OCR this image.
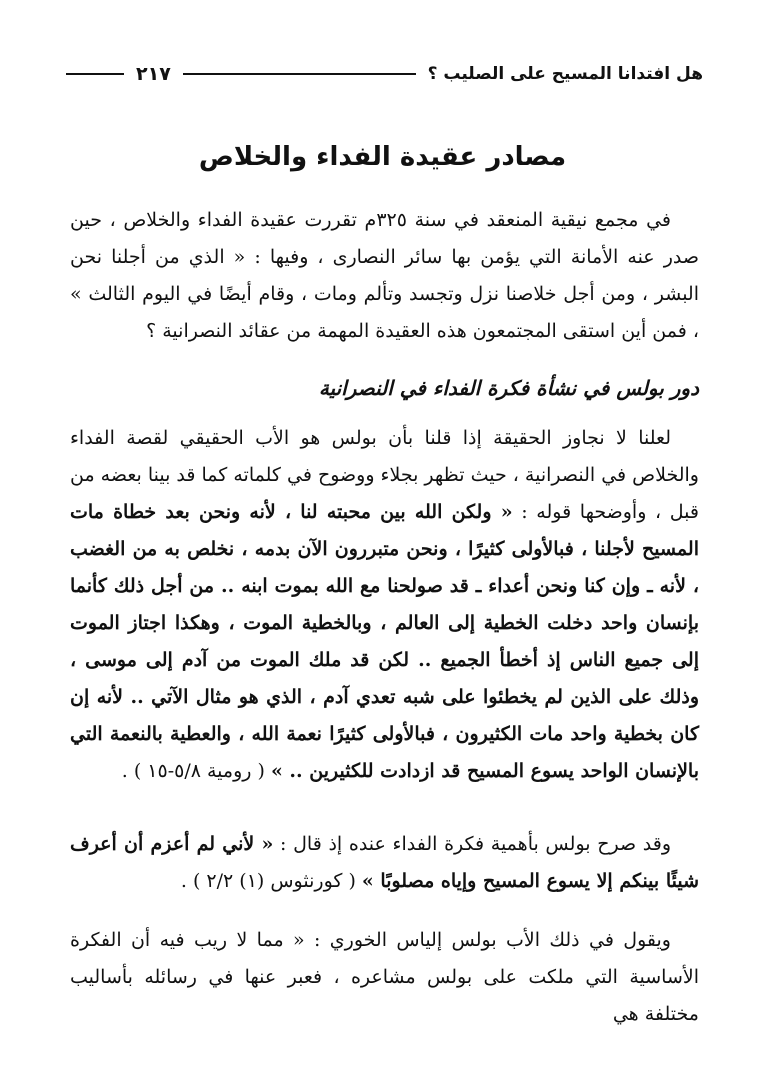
هل افتدانا المسيح على الصليب ؟
٢١٧
مصادر عقيدة الفداء والخلاص

في مجمع نيقية المنعقد في سنة ٣٢٥م تقررت عقيدة الفداء والخلاص ، حين صدر عنه الأمانة التي يؤمن بها سائر النصارى ، وفيها : « الذي من أجلنا نحن البشر ، ومن أجل خلاصنا نزل وتجسد وتألم ومات ، وقام أيضًا في اليوم الثالث » ، فمن أين استقى المجتمعون هذه العقيدة المهمة من عقائد النصرانية ؟

دور بولس في نشأة فكرة الفداء في النصرانية

لعلنا لا نجاوز الحقيقة إذا قلنا بأن بولس هو الأب الحقيقي لقصة الفداء والخلاص في النصرانية ، حيث تظهر بجلاء ووضوح في كلماته كما قد بينا بعضه من قبل ، وأوضحها قوله : « ولكن الله بين محبته لنا ، لأنه ونحن بعد خطاة مات المسيح لأجلنا ، فبالأولى كثيرًا ، ونحن متبررون الآن بدمه ، نخلص به من الغضب ، لأنه ـ وإن كنا ونحن أعداء ـ قد صولحنا مع الله بموت ابنه .. من أجل ذلك كأنما بإنسان واحد دخلت الخطية إلى العالم ، وبالخطية الموت ، وهكذا اجتاز الموت إلى جميع الناس إذ أخطأ الجميع .. لكن قد ملك الموت من آدم إلى موسى ، وذلك على الذين لم يخطئوا على شبه تعدي آدم ، الذي هو مثال الآتي .. لأنه إن كان بخطية واحد مات الكثيرون ، فبالأولى كثيرًا نعمة الله ، والعطية بالنعمة التي بالإنسان الواحد يسوع المسيح قد ازدادت للكثيرين .. » ( رومية ٥/٨-١٥ ) .

وقد صرح بولس بأهمية فكرة الفداء عنده إذ قال : « لأني لم أعزم أن أعرف شيئًا بينكم إلا يسوع المسيح وإياه مصلوبًا » ( كورنثوس (١) ٢/٢ ) .

ويقول في ذلك الأب بولس إلياس الخوري : « مما لا ريب فيه أن الفكرة الأساسية التي ملكت على بولس مشاعره ، فعبر عنها في رسائله بأساليب مختلفة هي
